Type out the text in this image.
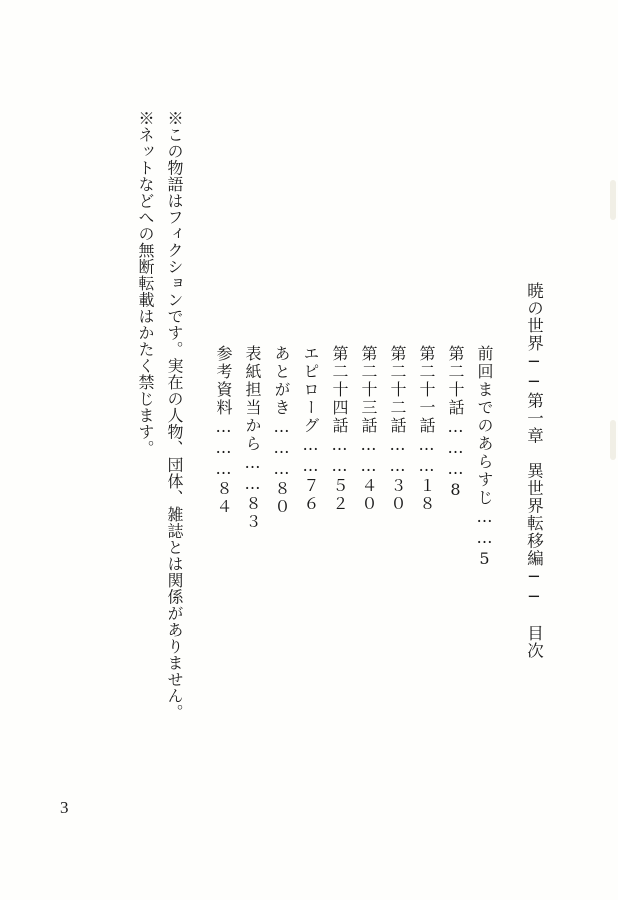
暁の世界──第一章　異世界転移編──　目次
前回までのあらすじ……5
第二十話………8
第二十一話……１８
第二十二話……３０
第二十三話……４０
第二十四話……５２
エピローグ……７６
あとがき………８０
表紙担当から……８３
参考資料………８４
※この物語はフィクションです。実在の人物、団体、雑誌とは関係がありません。
※ネットなどへの無断転載はかたく禁じます。
3
